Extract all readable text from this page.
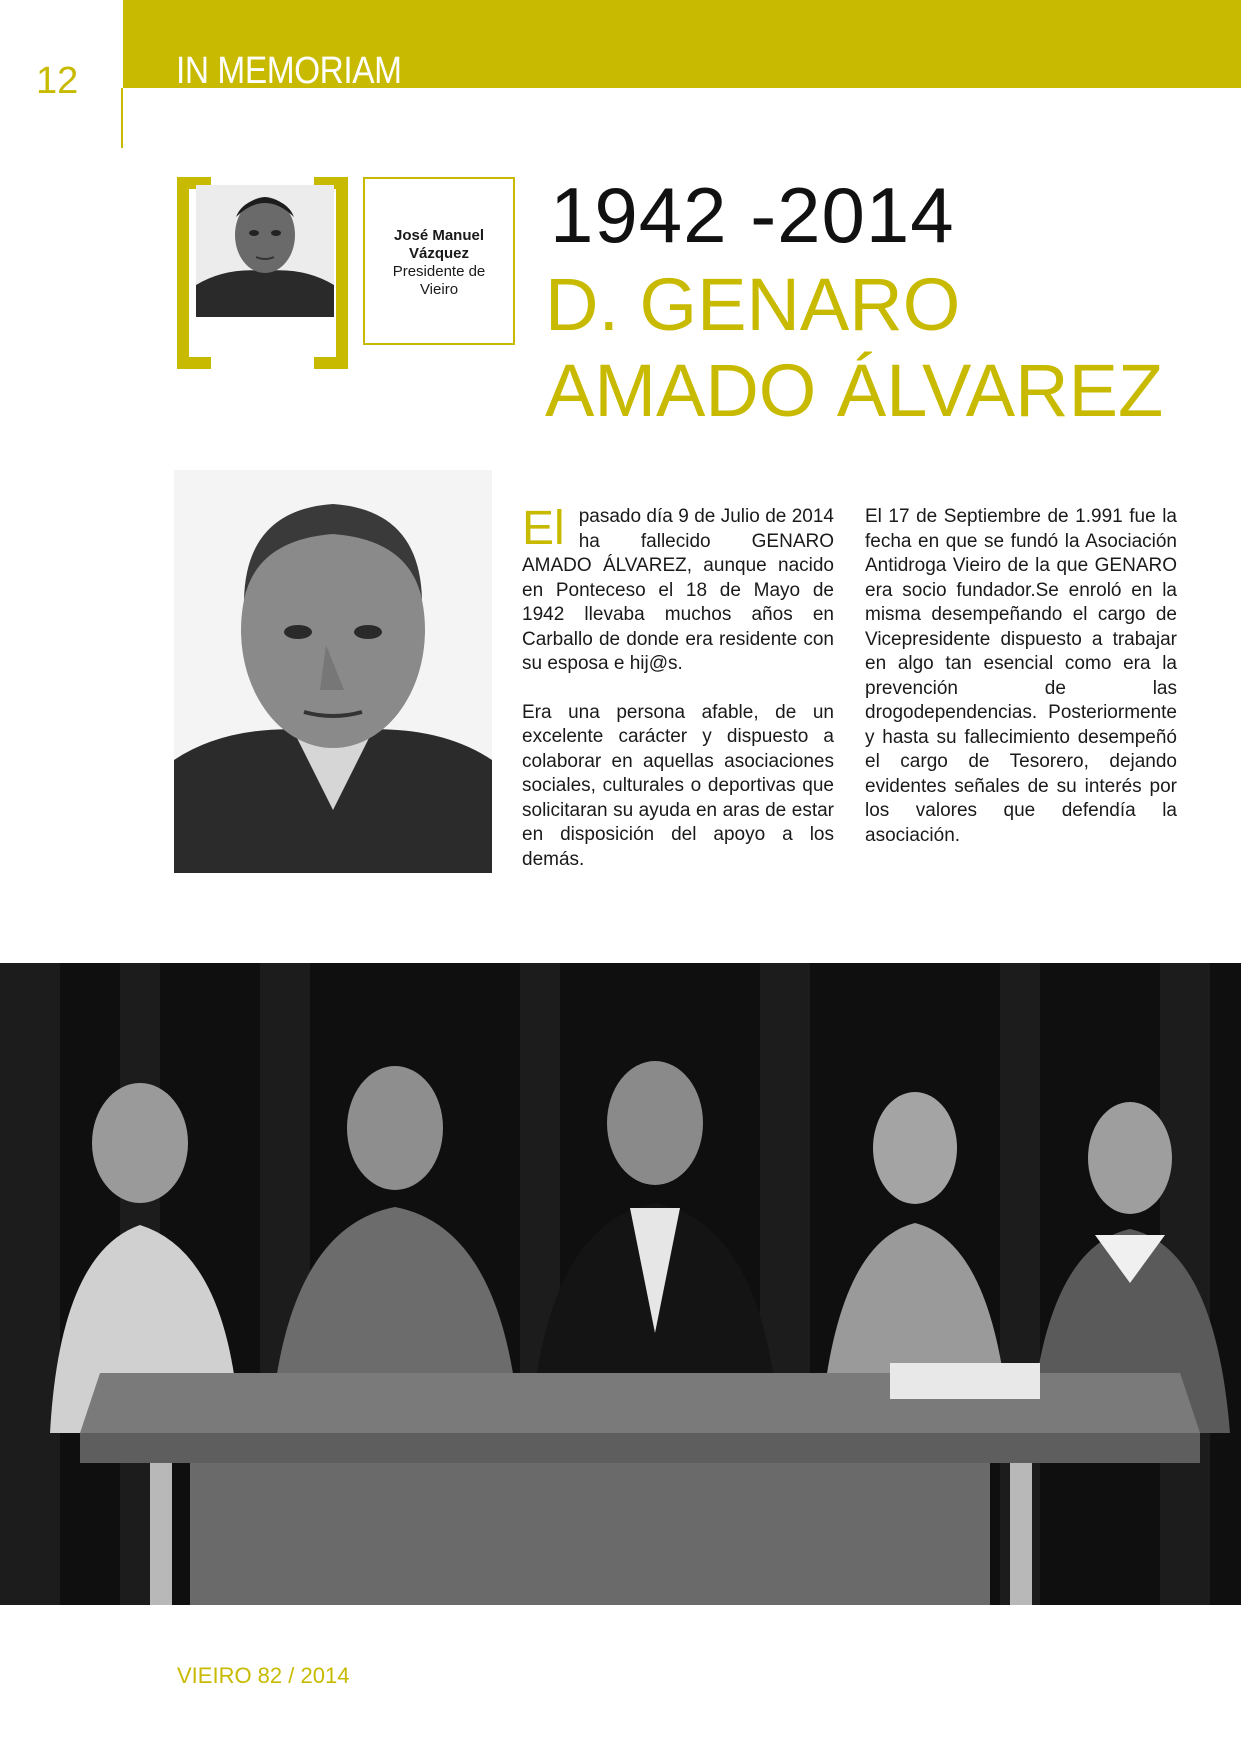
IN MEMORIAM
12
José Manuel Vázquez
Presidente de Vieiro
1942 -2014
D. GENARO AMADO ÁLVAREZ

El pasado día 9 de Julio de 2014 ha fallecido GENARO AMADO ÁLVAREZ, aunque nacido en Ponteceso el 18 de Mayo de 1942 llevaba muchos años en Carballo de donde era residente con su esposa e hij@s.

Era una persona afable, de un excelente carácter y dispuesto a colaborar en aquellas asociaciones sociales, culturales o deportivas que solicitaran su ayuda en aras de estar en disposición del apoyo a los demás.

El 17 de Septiembre de 1.991 fue la fecha en que se fundó la Asociación Antidroga Vieiro de la que GENARO era socio fundador.Se enroló en la misma desempeñando el cargo de Vicepresidente dispuesto a trabajar en algo tan esencial como era la prevención de las drogodependencias. Posteriormente y hasta su fallecimiento desempeñó el cargo de Tesorero, dejando evidentes señales de su interés por los valores que defendía la asociación.

VIEIRO 82 / 2014
